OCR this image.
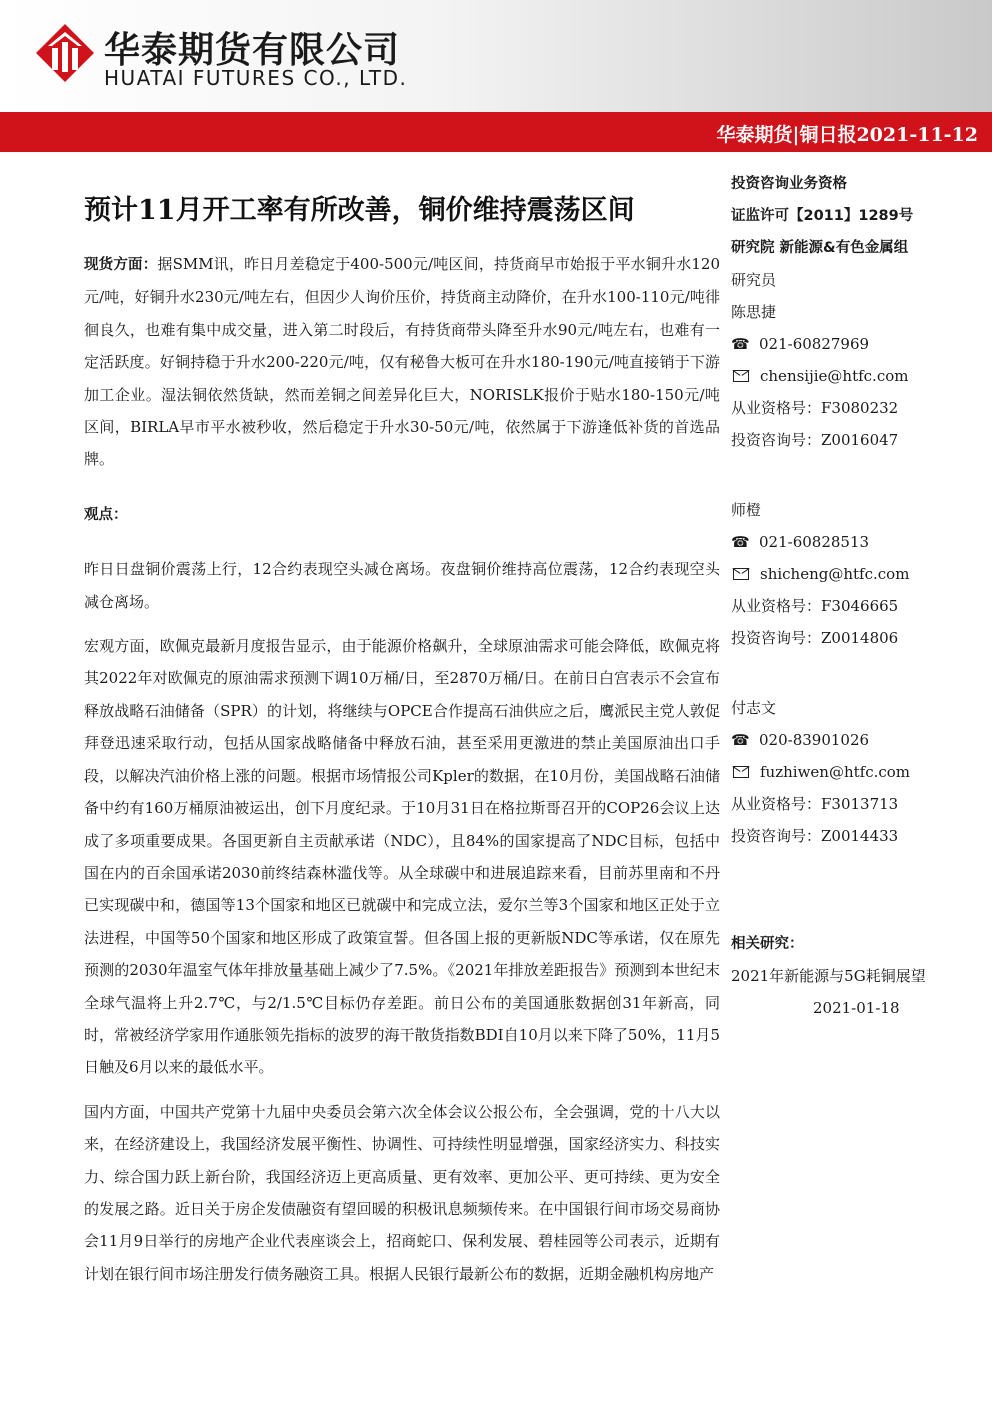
华泰期货有限公司
HUATAI FUTURES CO., LTD.
华泰期货|铜日报2021-11-12
预计11月开工率有所改善，铜价维持震荡区间

现货方面：据SMM讯，昨日月差稳定于400-500元/吨区间，持货商早市始报于平水铜升水120元/吨，好铜升水230元/吨左右，但因少人询价压价，持货商主动降价，在升水100-110元/吨徘徊良久，也难有集中成交量，进入第二时段后，有持货商带头降至升水90元/吨左右，也难有一定活跃度。好铜持稳于升水200-220元/吨，仅有秘鲁大板可在升水180-190元/吨直接销于下游加工企业。湿法铜依然货缺，然而差铜之间差异化巨大，NORISLK报价于贴水180-150元/吨区间，BIRLA早市平水被秒收，然后稳定于升水30-50元/吨，依然属于下游逢低补货的首选品牌。

观点：

昨日日盘铜价震荡上行，12合约表现空头减仓离场。夜盘铜价维持高位震荡，12合约表现空头减仓离场。

宏观方面，欧佩克最新月度报告显示，由于能源价格飙升，全球原油需求可能会降低，欧佩克将其2022年对欧佩克的原油需求预测下调10万桶/日，至2870万桶/日。在前日白宫表示不会宣布释放战略石油储备（SPR）的计划，将继续与OPCE合作提高石油供应之后，鹰派民主党人敦促拜登迅速采取行动，包括从国家战略储备中释放石油，甚至采用更激进的禁止美国原油出口手段，以解决汽油价格上涨的问题。根据市场情报公司Kpler的数据，在10月份，美国战略石油储备中约有160万桶原油被运出，创下月度纪录。于10月31日在格拉斯哥召开的COP26会议上达成了多项重要成果。各国更新自主贡献承诺（NDC），且84%的国家提高了NDC目标，包括中国在内的百余国承诺2030前终结森林滥伐等。从全球碳中和进展追踪来看，目前苏里南和不丹已实现碳中和，德国等13个国家和地区已就碳中和完成立法，爱尔兰等3个国家和地区正处于立法进程，中国等50个国家和地区形成了政策宣誓。但各国上报的更新版NDC等承诺，仅在原先预测的2030年温室气体年排放量基础上减少了7.5%。《2021年排放差距报告》预测到本世纪末全球气温将上升2.7℃，与2/1.5℃目标仍存差距。前日公布的美国通胀数据创31年新高，同时，常被经济学家用作通胀领先指标的波罗的海干散货指数BDI自10月以来下降了50%，11月5日触及6月以来的最低水平。

国内方面，中国共产党第十九届中央委员会第六次全体会议公报公布，全会强调，党的十八大以来，在经济建设上，我国经济发展平衡性、协调性、可持续性明显增强，国家经济实力、科技实力、综合国力跃上新台阶，我国经济迈上更高质量、更有效率、更加公平、更可持续、更为安全的发展之路。近日关于房企发债融资有望回暖的积极讯息频频传来。在中国银行间市场交易商协会11月9日举行的房地产企业代表座谈会上，招商蛇口、保利发展、碧桂园等公司表示，近期有计划在银行间市场注册发行债务融资工具。根据人民银行最新公布的数据，近期金融机构房地产

投资咨询业务资格
证监许可【2011】1289号
研究院 新能源&有色金属组
研究员
陈思捷
☎ 021-60827969
chensijie@htfc.com
从业资格号：F3080232
投资咨询号：Z0016047
师橙
☎ 021-60828513
shicheng@htfc.com
从业资格号：F3046665
投资咨询号：Z0014806
付志文
☎ 020-83901026
fuzhiwen@htfc.com
从业资格号：F3013713
投资咨询号：Z0014433
相关研究：
2021年新能源与5G耗铜展望
2021-01-18
